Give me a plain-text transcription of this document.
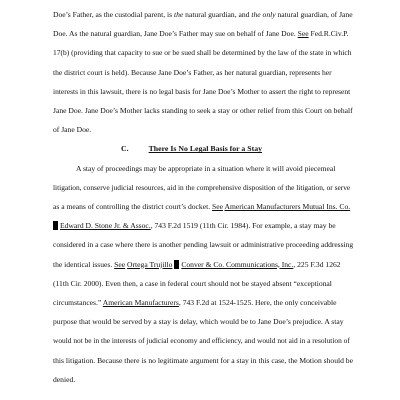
Doe’s Father, as the custodial parent, is the natural guardian, and the only natural guardian, of Jane

Doe. As the natural guardian, Jane Doe’s Father may sue on behalf of Jane Doe. See Fed.R.Civ.P.

17(b) (providing that capacity to sue or be sued shall be determined by the law of the state in which

the district court is held). Because Jane Doe’s Father, as her natural guardian, represents her

interests in this lawsuit, there is no legal basis for Jane Doe’s Mother to assert the right to represent

Jane Doe. Jane Doe’s Mother lacks standing to seek a stay or other relief from this Court on behalf

of Jane Doe.

C.	There Is No Legal Basis for a Stay

A stay of proceedings may be appropriate in a situation where it will avoid piecemeal

litigation, conserve judicial resources, aid in the comprehensive disposition of the litigation, or serve

as a means of controlling the district court’s docket. See American Manufacturers Mutual Ins. Co.

Edward D. Stone Jr. & Assoc., 743 F.2d 1519 (11th Cir. 1984). For example, a stay may be

considered in a case where there is another pending lawsuit or administrative proceeding addressing

the identical issues. See Ortega Trujillo Conver & Co. Communications, Inc., 225 F.3d 1262

(11th Cir. 2000). Even then, a case in federal court should not be stayed absent “exceptional

circumstances.” American Manufacturers, 743 F.2d at 1524-1525. Here, the only conceivable

purpose that would be served by a stay is delay, which would be to Jane Doe’s prejudice. A stay

would not be in the interests of judicial economy and efficiency, and would not aid in a resolution of

this litigation. Because there is no legitimate argument for a stay in this case, the Motion should be

denied.
